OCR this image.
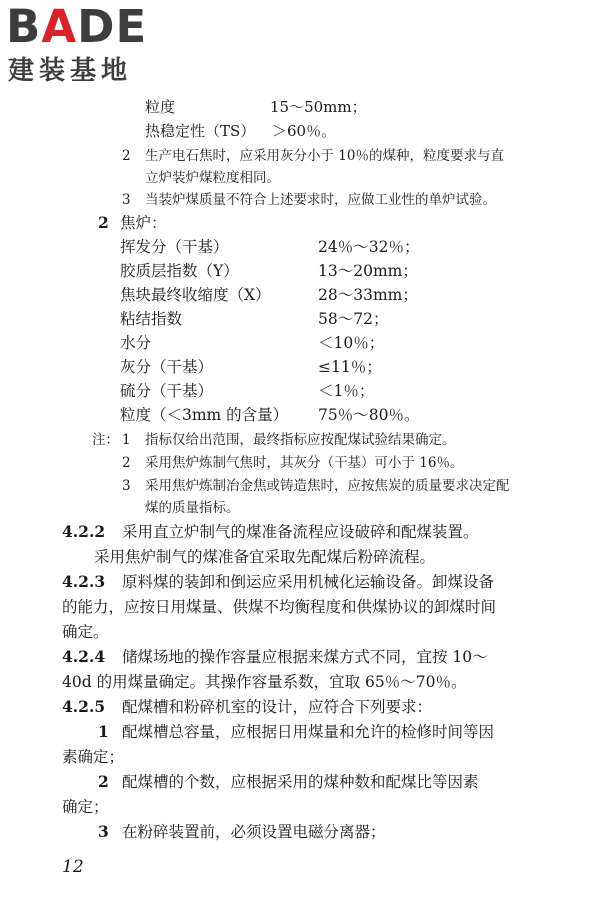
BADE
建装基地
粒度	15～50mm；
热稳定性（TS） ＞60％。
2 生产电石焦时，应采用灰分小于 10％的煤种，粒度要求与直
立炉装炉煤粒度相同。
3 当装炉煤质量不符合上述要求时，应做工业性的单炉试验。
2 焦炉：
挥发分（干基）	24％～32％；
胶质层指数（Y）	13～20mm；
焦块最终收缩度（X）	28～33mm；
粘结指数	58～72；
水分	＜10％；
灰分（干基）	≤11％；
硫分（干基）	＜1％；
粒度（＜3mm 的含量） 75％～80％。
注： 1 指标仅给出范围，最终指标应按配煤试验结果确定。
2 采用焦炉炼制气焦时，其灰分（干基）可小于 16％。
3 采用焦炉炼制冶金焦或铸造焦时，应按焦炭的质量要求决定配
煤的质量指标。
4.2.2 采用直立炉制气的煤准备流程应设破碎和配煤装置。
采用焦炉制气的煤准备宜采取先配煤后粉碎流程。
4.2.3 原料煤的装卸和倒运应采用机械化运输设备。卸煤设备
的能力，应按日用煤量、供煤不均衡程度和供煤协议的卸煤时间
确定。
4.2.4 储煤场地的操作容量应根据来煤方式不同，宜按 10～
40d 的用煤量确定。其操作容量系数，宜取 65％～70％。
4.2.5 配煤槽和粉碎机室的设计，应符合下列要求：
1 配煤槽总容量，应根据日用煤量和允许的检修时间等因
素确定；
2 配煤槽的个数，应根据采用的煤种数和配煤比等因素
确定；
3 在粉碎装置前，必须设置电磁分离器；
12
